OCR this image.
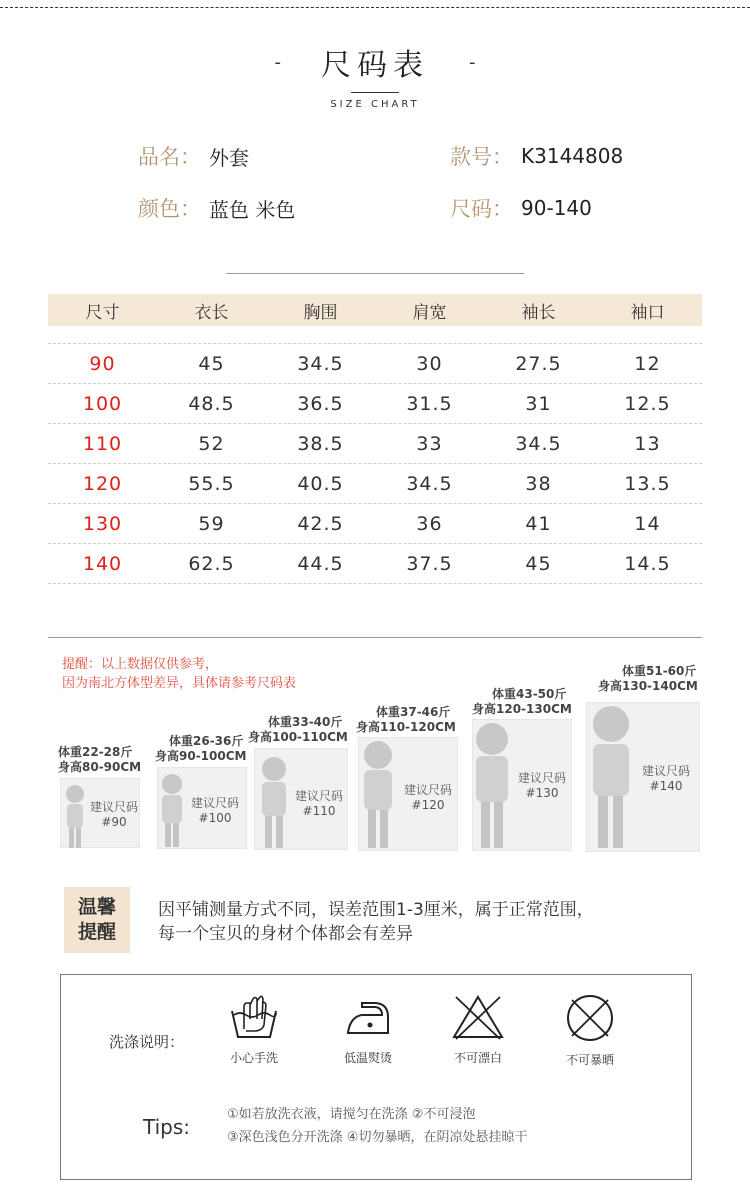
- 尺码表 -
SIZE CHART
品名： 外套	款号： K3144808
颜色： 蓝色 米色	尺码： 90-140
尺寸	衣长	胸围	肩宽	袖长	袖口
90	45	34.5	30	27.5	12
100	48.5	36.5	31.5	31	12.5
110	52	38.5	33	34.5	13
120	55.5	40.5	34.5	38	13.5
130	59	42.5	36	41	14
140	62.5	44.5	37.5	45	14.5
提醒：以上数据仅供参考，
因为南北方体型差异，具体请参考尺码表
体重22-28斤
身高80-90CM
建议尺码
#90
体重26-36斤
身高90-100CM
建议尺码
#100
体重33-40斤
身高100-110CM
建议尺码
#110
体重37-46斤
身高110-120CM
建议尺码
#120
体重43-50斤
身高120-130CM
建议尺码
#130
体重51-60斤
身高130-140CM
建议尺码
#140
温馨
提醒
因平铺测量方式不同，误差范围1-3厘米，属于正常范围，
每一个宝贝的身材个体都会有差异
洗涤说明：
小心手洗	低温熨烫	不可漂白	不可暴晒
Tips:
①如若放洗衣液，请搅匀在洗涤 ②不可浸泡
③深色浅色分开洗涤 ④切勿暴晒，在阴凉处悬挂晾干
